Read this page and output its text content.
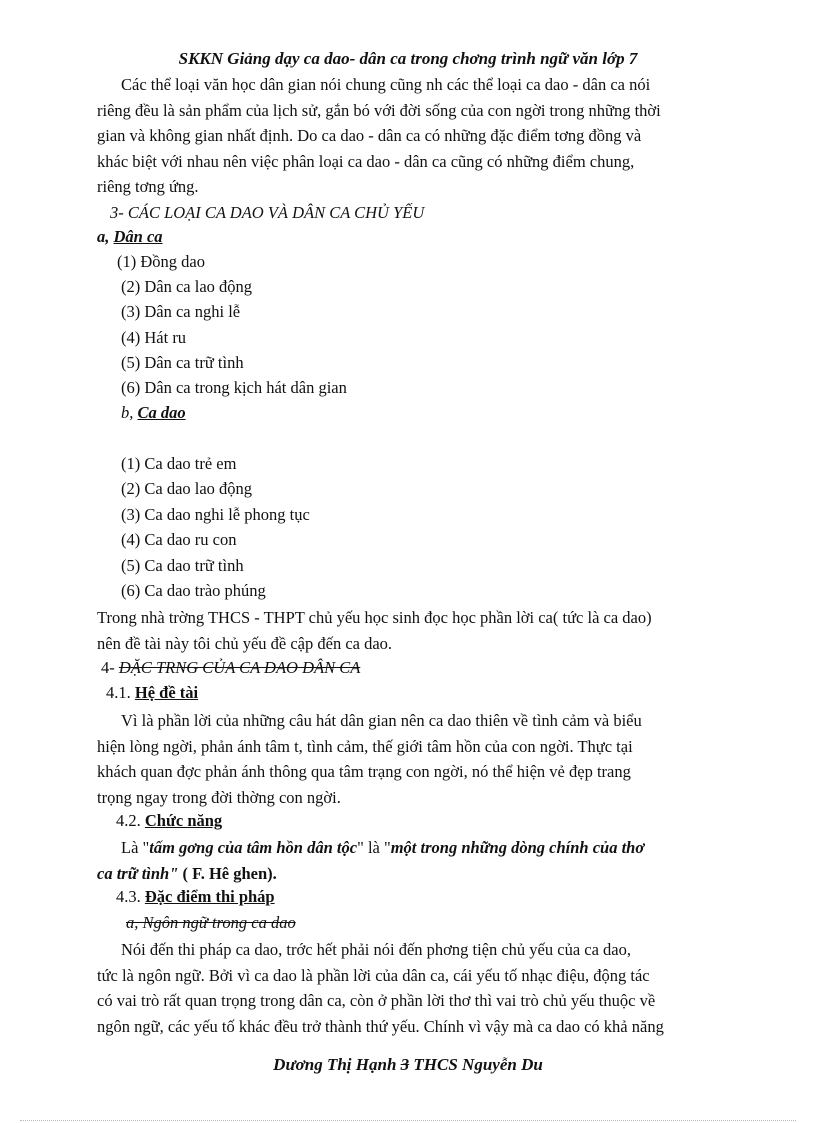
SKKN Giảng dạy ca dao- dân ca trong chơng trình ngữ văn lớp 7

Các thể loại văn học dân gian nói chung cũng nh các thể loại ca dao - dân ca nói

riêng đều là sản phẩm của lịch sử, gắn bó với đời sống của con ngời trong những thời

gian và không gian nhất định. Do ca dao - dân ca có những đặc điểm tơng đồng và

khác biệt với nhau nên việc phân loại ca dao - dân ca cũng có những điểm chung,

riêng tơng ứng.

3- CÁC LOẠI CA DAO VÀ DÂN CA CHỦ YẾU
a, Dân ca
(1) Đồng dao
(2) Dân ca lao động
(3) Dân ca nghi lễ
(4) Hát ru
(5) Dân ca trữ tình
(6) Dân ca trong kịch hát dân gian
b, Ca dao
(1) Ca dao trẻ em
(2) Ca dao lao động
(3) Ca dao nghi lễ phong tục
(4) Ca dao ru con
(5) Ca dao trữ tình
(6) Ca dao trào phúng

Trong nhà trờng THCS - THPT chủ yếu học sinh đọc học phần lời ca( tức là ca dao)

nên đề tài này tôi chủ yếu đề cập đến ca dao.

4- ĐẶC TRNG CỦA CA DAO DÂN CA
4.1. Hệ đề tài

Vì là phần lời của những câu hát dân gian nên ca dao thiên về tình cảm và biểu

hiện lòng ngời, phản ánh tâm t, tình cảm, thế giới tâm hồn của con ngời. Thực tại

khách quan đợc phản ánh thông qua tâm trạng con ngời, nó thể hiện vẻ đẹp trang

trọng ngay trong đời thờng con ngời.

4.2. Chức năng

Là "tấm gơng của tâm hồn dân tộc" là "một trong những dòng chính của thơ

ca trữ tình" ( F. Hê ghen).

4.3. Đặc điểm thi pháp
a, Ngôn ngữ trong ca dao

Nói đến thi pháp ca dao, trớc hết phải nói đến phơng tiện chủ yếu của ca dao,

tức là ngôn ngữ. Bởi vì ca dao là phần lời của dân ca, cái yếu tố nhạc điệu, động tác

có vai trò rất quan trọng trong dân ca, còn ở phần lời thơ thì vai trò chủ yếu thuộc về

ngôn ngữ, các yếu tố khác đều trở thành thứ yếu. Chính vì vậy mà ca dao có khả năng

Dương Thị Hạnh 3 THCS Nguyễn Du
